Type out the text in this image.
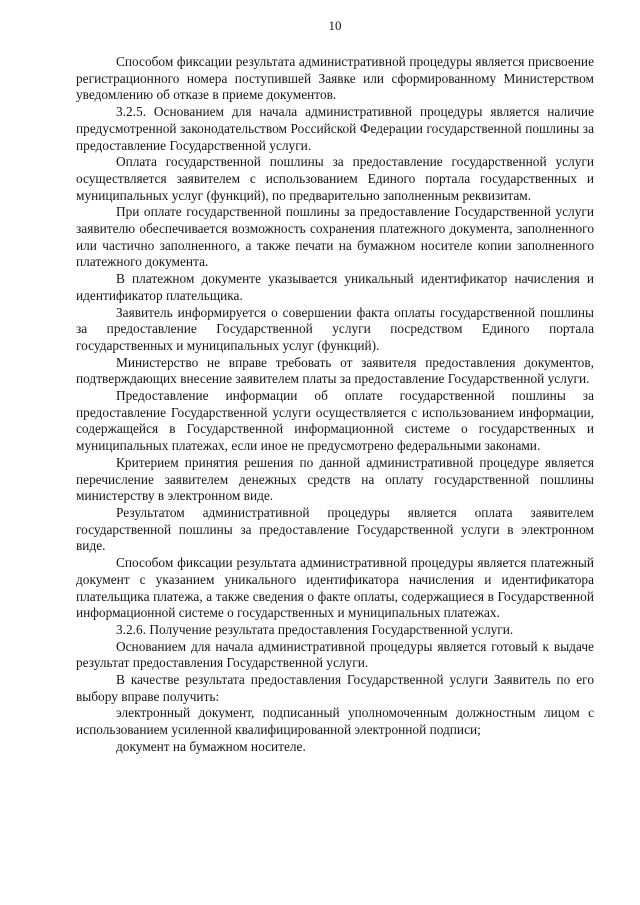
10

Способом фиксации результата административной процедуры является присвоение регистрационного номера поступившей Заявке или сформированному Министерством уведомлению об отказе в приеме документов.

3.2.5. Основанием для начала административной процедуры является наличие предусмотренной законодательством Российской Федерации государственной пошлины за предоставление Государственной услуги.

Оплата государственной пошлины за предоставление государственной услуги осуществляется заявителем с использованием Единого портала государственных и муниципальных услуг (функций), по предварительно заполненным реквизитам.

При оплате государственной пошлины за предоставление Государственной услуги заявителю обеспечивается возможность сохранения платежного документа, заполненного или частично заполненного, а также печати на бумажном носителе копии заполненного платежного документа.

В платежном документе указывается уникальный идентификатор начисления и идентификатор плательщика.

Заявитель информируется о совершении факта оплаты государственной пошлины за предоставление Государственной услуги посредством Единого портала государственных и муниципальных услуг (функций).

Министерство не вправе требовать от заявителя предоставления документов, подтверждающих внесение заявителем платы за предоставление Государственной услуги.

Предоставление информации об оплате государственной пошлины за предоставление Государственной услуги осуществляется с использованием информации, содержащейся в Государственной информационной системе о государственных и муниципальных платежах, если иное не предусмотрено федеральными законами.

Критерием принятия решения по данной административной процедуре является перечисление заявителем денежных средств на оплату государственной пошлины министерству в электронном виде.

Результатом административной процедуры является оплата заявителем государственной пошлины за предоставление Государственной услуги в электронном виде.

Способом фиксации результата административной процедуры является платежный документ с указанием уникального идентификатора начисления и идентификатора плательщика платежа, а также сведения о факте оплаты, содержащиеся в Государственной информационной системе о государственных и муниципальных платежах.

3.2.6. Получение результата предоставления Государственной услуги.

Основанием для начала административной процедуры является готовый к выдаче результат предоставления Государственной услуги.

В качестве результата предоставления Государственной услуги Заявитель по его выбору вправе получить:

электронный документ, подписанный уполномоченным должностным лицом с использованием усиленной квалифицированной электронной подписи;

документ на бумажном носителе.
